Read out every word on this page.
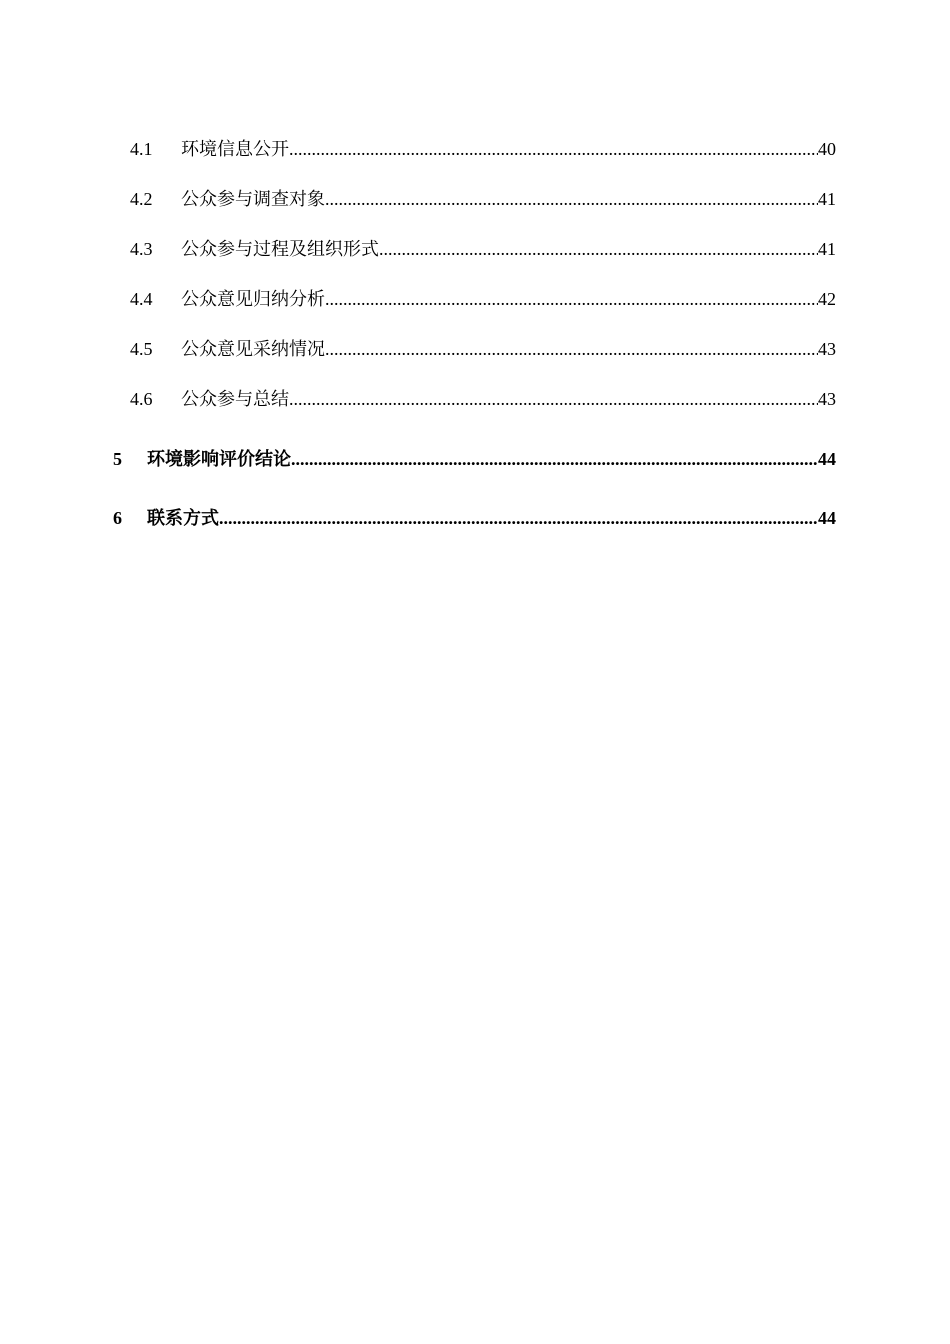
4.1	环境信息公开 .....	40
4.2	公众参与调查对象 .....	41
4.3	公众参与过程及组织形式 .....	41
4.4	公众意见归纳分析 .....	42
4.5	公众意见采纳情况 .....	43
4.6	公众参与总结 .....	43
5	环境影响评价结论 .....	44
6	联系方式 .....	44
